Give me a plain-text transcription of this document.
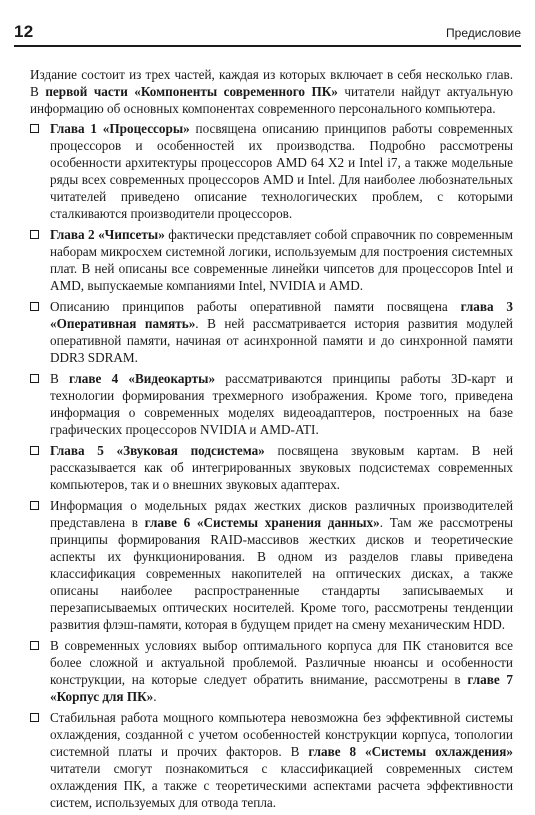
12	Предисловие

Издание состоит из трех частей, каждая из которых включает в себя несколько глав. В первой части «Компоненты современного ПК» читатели найдут актуальную информацию об основных компонентах современного персонального компьютера.

Глава 1 «Процессоры» посвящена описанию принципов работы современных процессоров и особенностей их производства. Подробно рассмотрены особенности архитектуры процессоров AMD 64 X2 и Intel i7, а также модельные ряды всех современных процессоров AMD и Intel. Для наиболее любознательных читателей приведено описание технологических проблем, с которыми сталкиваются производители процессоров.
Глава 2 «Чипсеты» фактически представляет собой справочник по современным наборам микросхем системной логики, используемым для построения системных плат. В ней описаны все современные линейки чипсетов для процессоров Intel и AMD, выпускаемые компаниями Intel, NVIDIA и AMD.
Описанию принципов работы оперативной памяти посвящена глава 3 «Оперативная память». В ней рассматривается история развития модулей оперативной памяти, начиная от асинхронной памяти и до синхронной памяти DDR3 SDRAM.
В главе 4 «Видеокарты» рассматриваются принципы работы 3D-карт и технологии формирования трехмерного изображения. Кроме того, приведена информация о современных моделях видеоадаптеров, построенных на базе графических процессоров NVIDIA и AMD-ATI.
Глава 5 «Звуковая подсистема» посвящена звуковым картам. В ней рассказывается как об интегрированных звуковых подсистемах современных компьютеров, так и о внешних звуковых адаптерах.
Информация о модельных рядах жестких дисков различных производителей представлена в главе 6 «Системы хранения данных». Там же рассмотрены принципы формирования RAID-массивов жестких дисков и теоретические аспекты их функционирования. В одном из разделов главы приведена классификация современных накопителей на оптических дисках, а также описаны наиболее распространенные стандарты записываемых и перезаписываемых оптических носителей. Кроме того, рассмотрены тенденции развития флэш-памяти, которая в будущем придет на смену механическим HDD.
В современных условиях выбор оптимального корпуса для ПК становится все более сложной и актуальной проблемой. Различные нюансы и особенности конструкции, на которые следует обратить внимание, рассмотрены в главе 7 «Корпус для ПК».
Стабильная работа мощного компьютера невозможна без эффективной системы охлаждения, созданной с учетом особенностей конструкции корпуса, топологии системной платы и прочих факторов. В главе 8 «Системы охлаждения» читатели смогут познакомиться с классификацией современных систем охлаждения ПК, а также с теоретическими аспектами расчета эффективности систем, используемых для отвода тепла.
